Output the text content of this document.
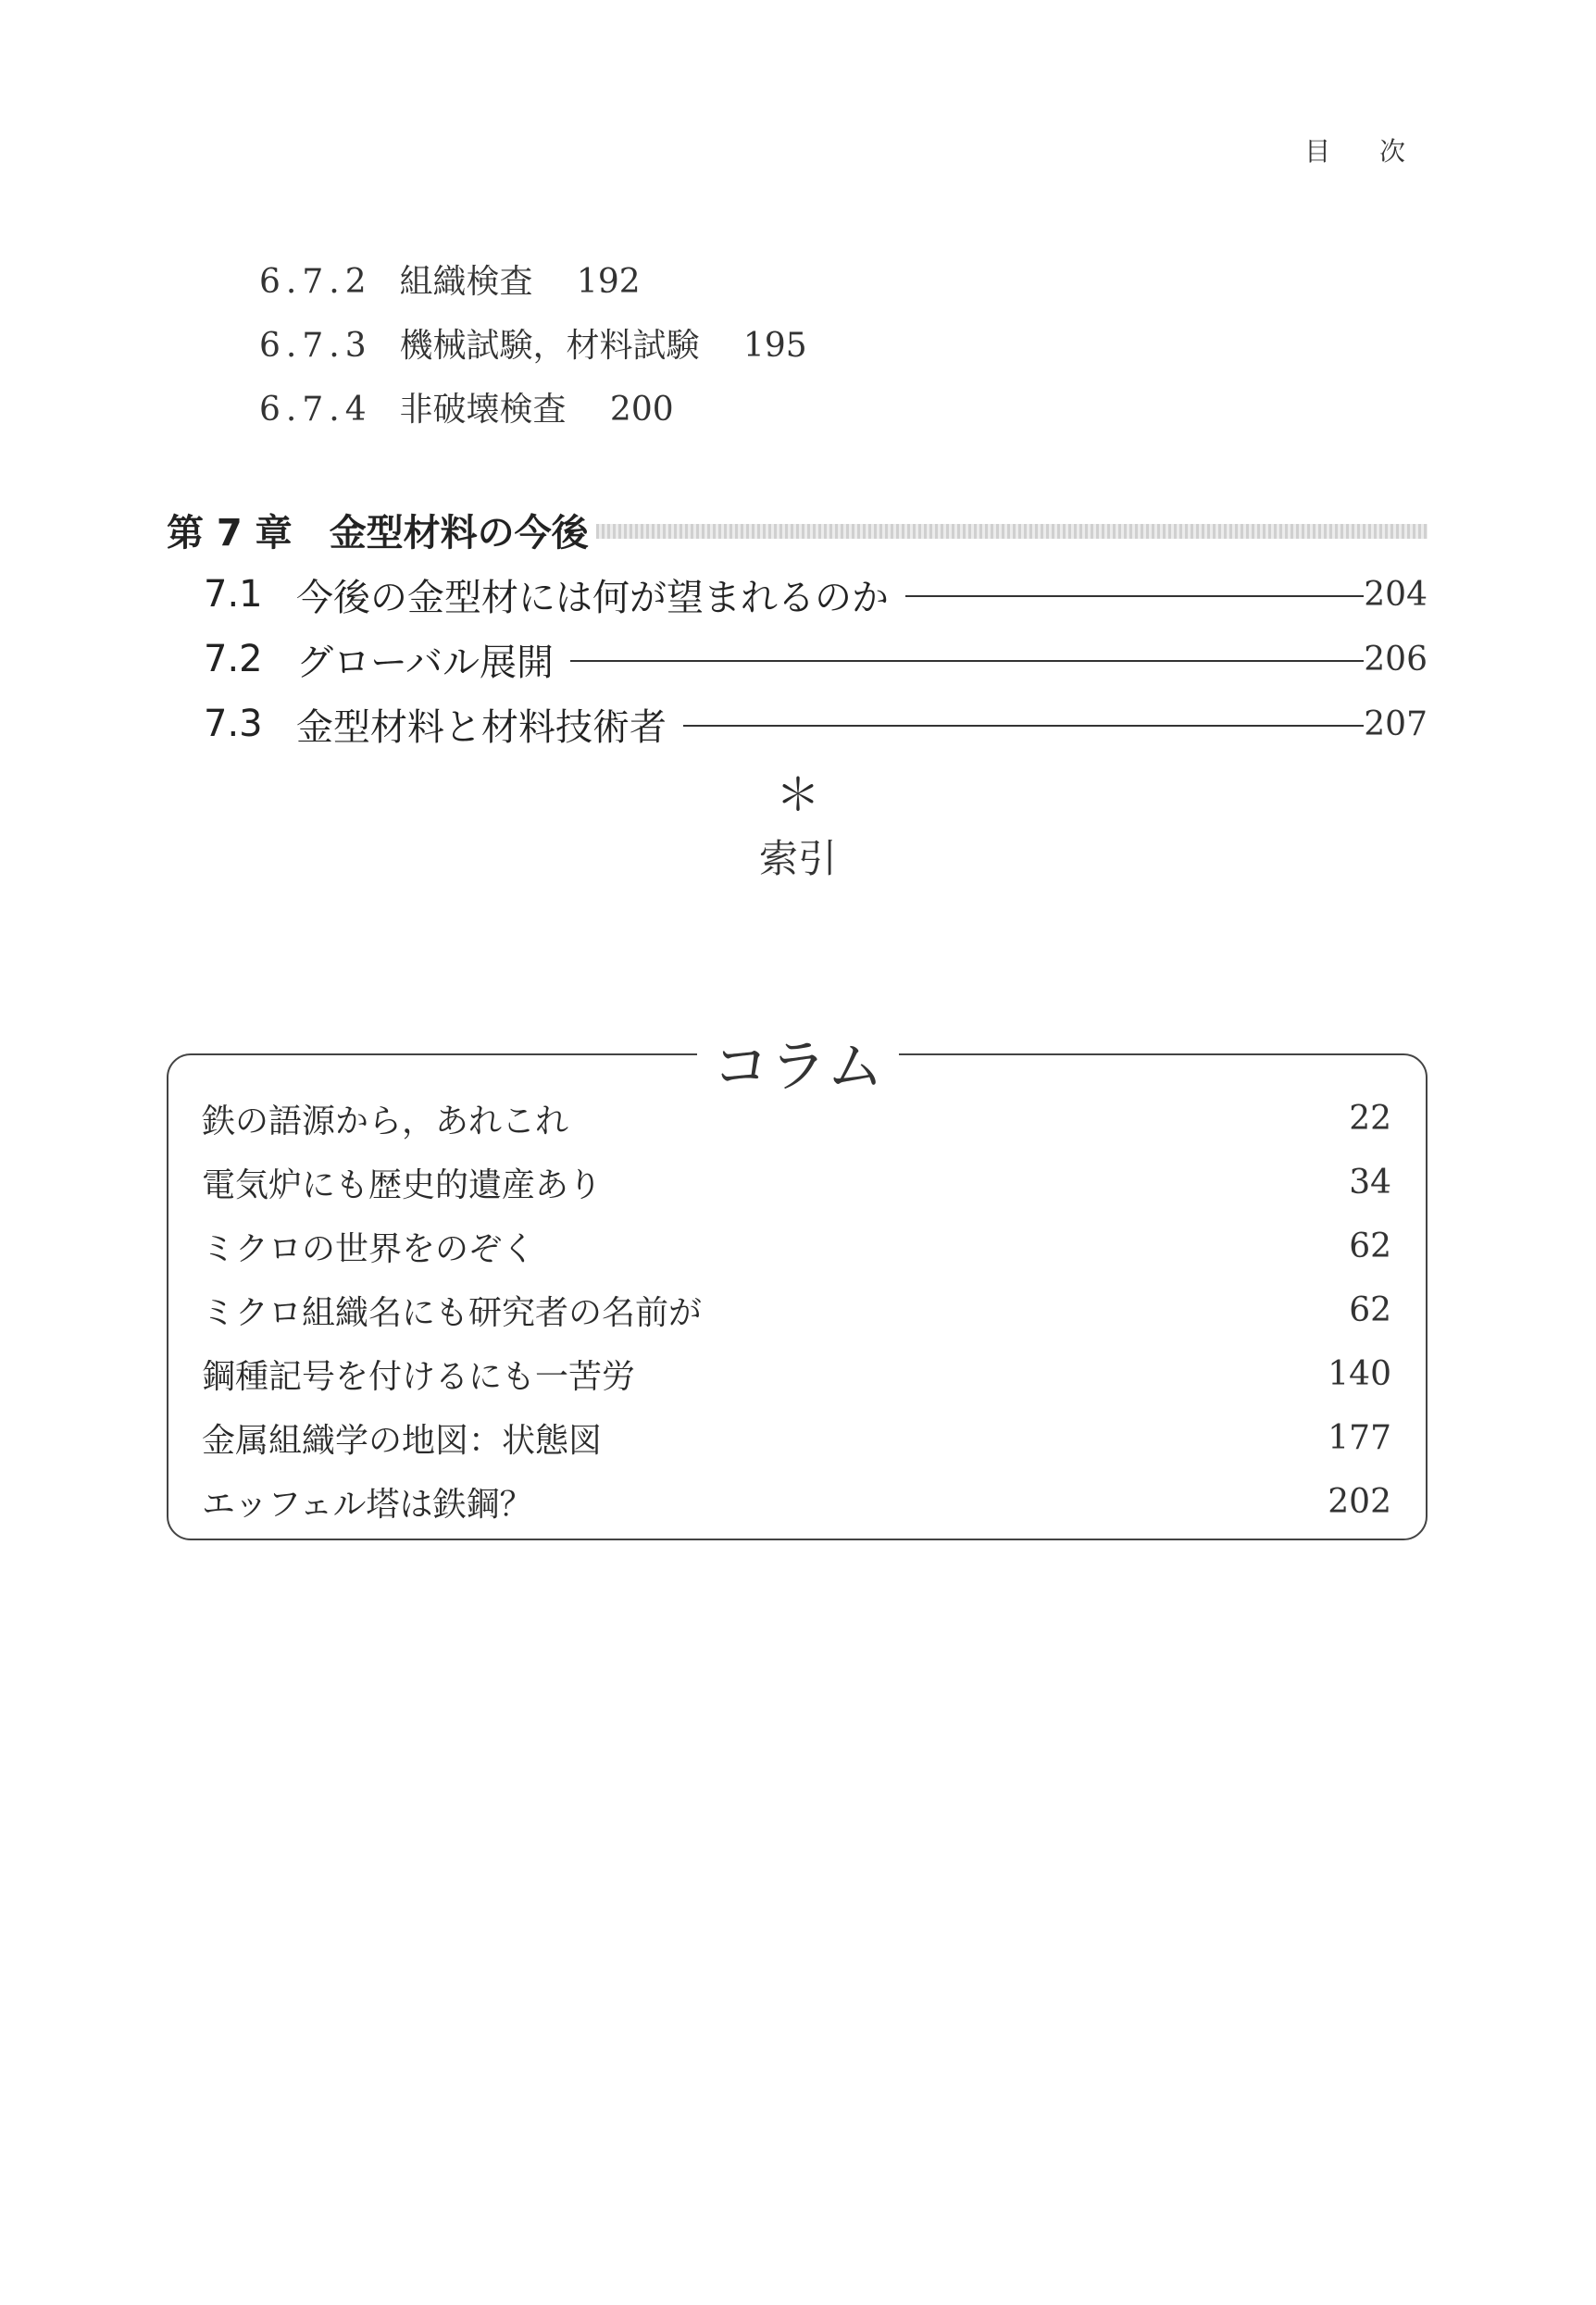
目 次
6.7.2 組織検査 192
6.7.3 機械試験，材料試験 195
6.7.4 非破壊検査 200
第 7 章 金型材料の今後
7.1 今後の金型材には何が望まれるのか	204
7.2 グローバル展開	206
7.3 金型材料と材料技術者	207
＊
索引
コラム
鉄の語源から，あれこれ	22
電気炉にも歴史的遺産あり	34
ミクロの世界をのぞく	62
ミクロ組織名にも研究者の名前が	62
鋼種記号を付けるにも一苦労	140
金属組織学の地図：状態図	177
エッフェル塔は鉄鋼？	202
